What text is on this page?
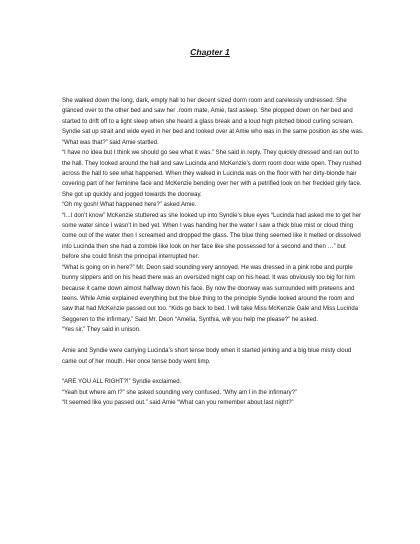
Chapter 1

She walked down the long, dark, empty hall to her decent sized dorm room and carelessly undressed. She glanced over to the other bed and saw her .room mate, Amie, fast asleep. She plopped down on her bed and started to drift off to a light sleep when she heard a glass break and a loud high pitched blood curling scream. Syndie sat up strait and wide eyed in her bed and looked over at Amie who was in the same position as she was.

“What was that?” said Amie startled.

“I have no idea but I think we should go see what it was.” She said in reply. They quickly dressed and ran out to the hall. They looked around the hall and saw Lucinda and McKenzie’s dorm room door wide open. They rushed across the hall to see what happened. When they walked in Lucinda was on the floor with her dirty-blonde hair covering part of her feminine face and McKenzie bending over her with a petrified look on her freckled girly face. She got up quickly and jogged towards the doorway.

“Oh my gosh! What happened here?” asked Amie.

“I...I don’t know” McKenzie stuttered as she looked up into Syndie’s blue eyes “Lucinda had asked me to get her some water since I wasn’t in bed yet. When I was handing her the water I saw a thick blue mist or cloud thing come out of the water then I screamed and dropped the glass. The blue thing seemed like it melted or dissolved into Lucinda then she had a zombie like look on her face like she possessed for a second and then …” but before she could finish the principal interrupted her.

“What is going on in here?” Mr. Deon said sounding very annoyed. He was dressed in a pink robe and purple bunny slippers and on his head there was an oversized night cap on his head. It was obviously too big for him because it came down almost halfway down his face. By now the doorway was surrounded with preteens and teens. While Amie explained everything but the blue thing to the principle Syndie looked around the room and saw that had McKenzie passed out too. “Kids go back to bed. I will take Miss McKenzie Gale and Miss Lucinda Seggeren to the infirmary.” Said Mr. Deon “Amelia, Synthia, will you help me please?” he asked.

“Yes sir.” They said in unison.

Amie and Syndie were carrying Lucinda’s short tense body when it started jerking and a big blue misty cloud came out of her mouth. Her once tense body went limp.

“ARE YOU ALL RIGHT?!” Syndie exclaimed.

“Yeah but where am I?” she asked sounding very confused. “Why am I in the infirmary?”

“It seemed like you passed out.” said Amie “What can you remember about last night?”
